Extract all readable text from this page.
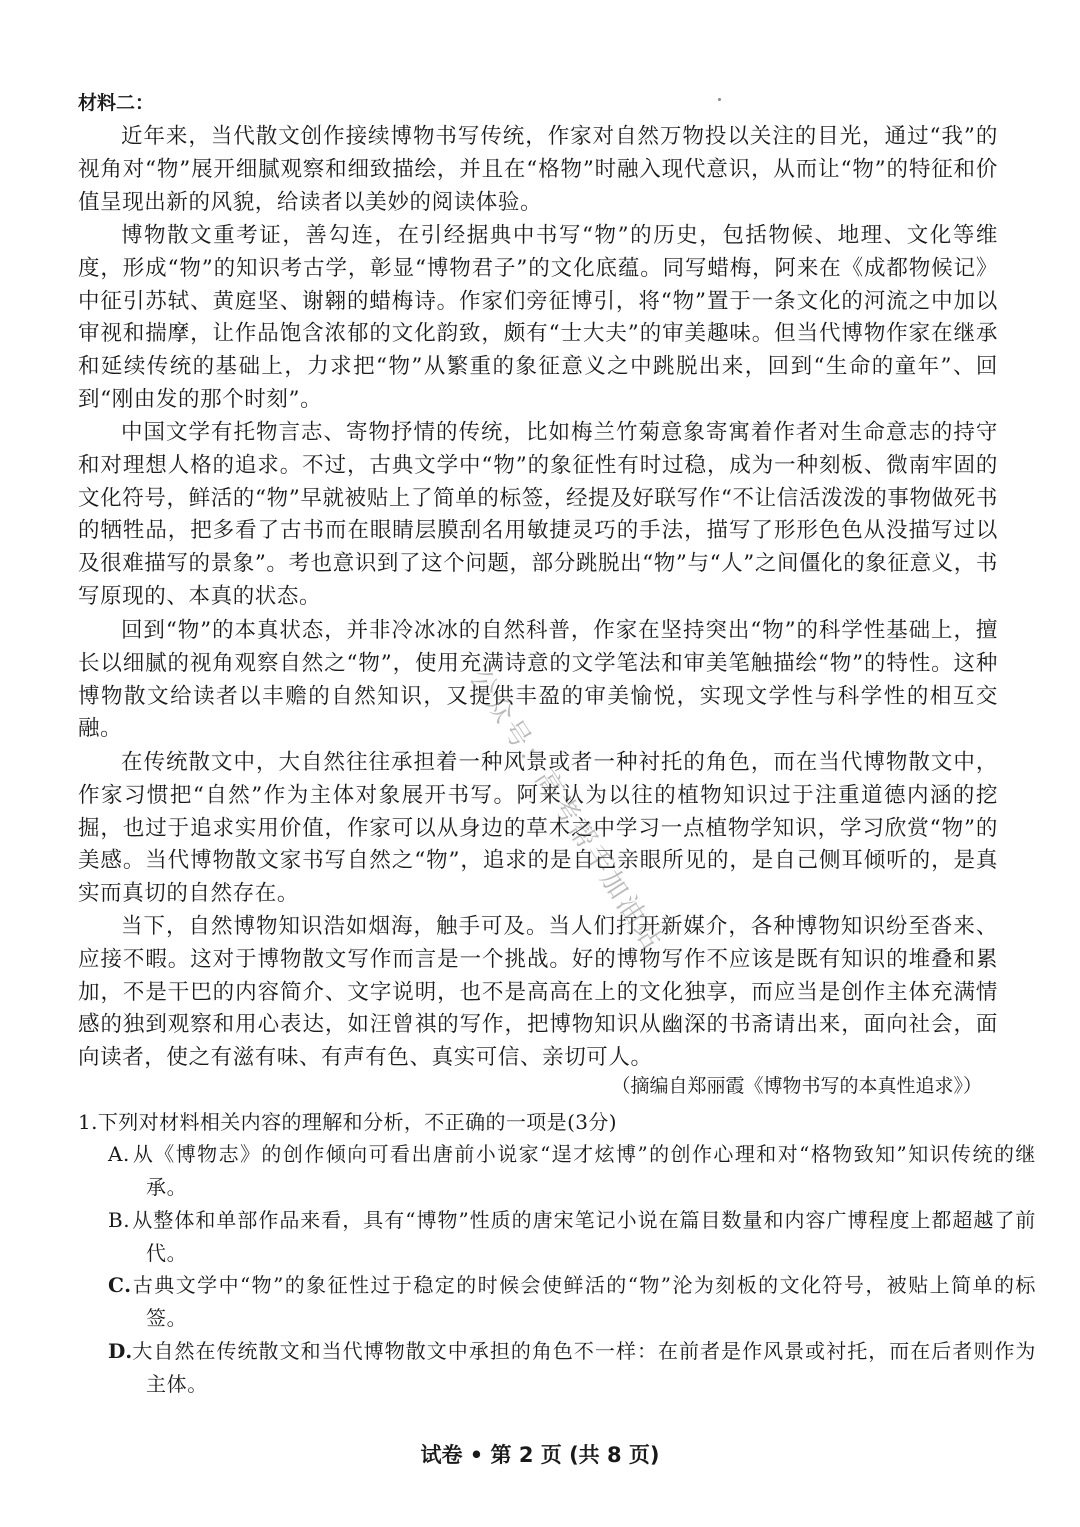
材料二：

近年来，当代散文创作接续博物书写传统，作家对自然万物投以关注的目光，通过“我”的视角对“物”展开细腻观察和细致描绘，并且在“格物”时融入现代意识，从而让“物”的特征和价值呈现出新的风貌，给读者以美妙的阅读体验。

博物散文重考证，善勾连，在引经据典中书写“物”的历史，包括物候、地理、文化等维度，形成“物”的知识考古学，彰显“博物君子”的文化底蕴。同写蜡梅，阿来在《成都物候记》中征引苏轼、黄庭坚、谢翱的蜡梅诗。作家们旁征博引，将“物”置于一条文化的河流之中加以审视和揣摩，让作品饱含浓郁的文化韵致，颇有“士大夫”的审美趣味。但当代博物作家在继承和延续传统的基础上，力求把“物”从繁重的象征意义之中跳脱出来，回到“生命的童年”、回到“刚由发的那个时刻”。

中国文学有托物言志、寄物抒情的传统，比如梅兰竹菊意象寄寓着作者对生命意志的持守和对理想人格的追求。不过，古典文学中“物”的象征性有时过稳，成为一种刻板、微南牢固的文化符号，鲜活的“物”早就被贴上了简单的标签，经提及好联写作“不让信活泼泼的事物做死书的牺牲品，把多看了古书而在眼睛层膜刮名用敏捷灵巧的手法，描写了形形色色从没描写过以及很难描写的景象”。考也意识到了这个问题，部分跳脱出“物”与“人”之间僵化的象征意义，书写原现的、本真的状态。

回到“物”的本真状态，并非冷冰冰的自然科普，作家在坚持突出“物”的科学性基础上，擅长以细腻的视角观察自然之“物”，使用充满诗意的文学笔法和审美笔触描绘“物”的特性。这种博物散文给读者以丰赡的自然知识，又提供丰盈的审美愉悦，实现文学性与科学性的相互交融。

在传统散文中，大自然往往承担着一种风景或者一种衬托的角色，而在当代博物散文中，作家习惯把“自然”作为主体对象展开书写。阿来认为以往的植物知识过于注重道德内涵的挖掘，也过于追求实用价值，作家可以从身边的草木之中学习一点植物学知识，学习欣赏“物”的美感。当代博物散文家书写自然之“物”，追求的是自己亲眼所见的，是自己侧耳倾听的，是真实而真切的自然存在。

当下，自然博物知识浩如烟海，触手可及。当人们打开新媒介，各种博物知识纷至沓来、应接不暇。这对于博物散文写作而言是一个挑战。好的博物写作不应该是既有知识的堆叠和累加，不是干巴的内容简介、文字说明，也不是高高在上的文化独享，而应当是创作主体充满情感的独到观察和用心表达，如汪曾祺的写作，把博物知识从幽深的书斋请出来，面向社会，面向读者，使之有滋有味、有声有色、真实可信、亲切可人。

（摘编自郑丽霞《博物书写的本真性追求》）
1.下列对材料相关内容的理解和分析，不正确的一项是(3分)
A.从《博物志》的创作倾向可看出唐前小说家“逞才炫博”的创作心理和对“格物致知”知识传统的继承。
B.从整体和单部作品来看，具有“博物”性质的唐宋笔记小说在篇目数量和内容广博程度上都超越了前代。
C.古典文学中“物”的象征性过于稳定的时候会使鲜活的“物”沦为刻板的文化符号，被贴上简单的标签。
D.大自然在传统散文和当代博物散文中承担的角色不一样：在前者是作风景或衬托，而在后者则作为主体。
试卷 • 第 2 页 (共 8 页)
公众号：高考帮手加油站
